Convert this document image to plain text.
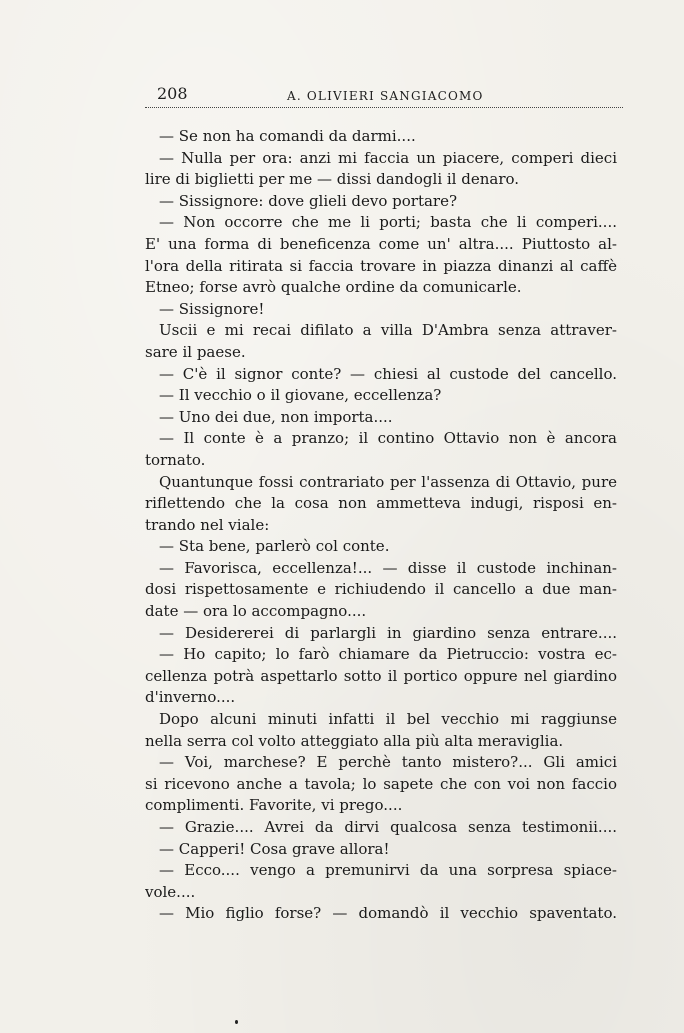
208	A. OLIVIERI SANGIACOMO
— Se non ha comandi da darmi....
— Nulla per ora: anzi mi faccia un piacere, comperi dieci
lire di biglietti per me — dissi dandogli il denaro.
— Sissignore: dove glieli devo portare?
— Non occorre che me li porti; basta che li comperi....
E' una forma di beneficenza come un' altra.... Piuttosto al-
l'ora della ritirata si faccia trovare in piazza dinanzi al caffè
Etneo; forse avrò qualche ordine da comunicarle.
— Sissignore!
Uscii e mi recai difilato a villa D'Ambra senza attraver-
sare il paese.
— C'è il signor conte? — chiesi al custode del cancello.
— Il vecchio o il giovane, eccellenza?
— Uno dei due, non importa....
— Il conte è a pranzo; il contino Ottavio non è ancora
tornato.
Quantunque fossi contrariato per l'assenza di Ottavio, pure
riflettendo che la cosa non ammetteva indugi, risposi en-
trando nel viale:
— Sta bene, parlerò col conte.
— Favorisca, eccellenza!... — disse il custode inchinan-
dosi rispettosamente e richiudendo il cancello a due man-
date — ora lo accompagno....
— Desidererei di parlargli in giardino senza entrare....
— Ho capito; lo farò chiamare da Pietruccio: vostra ec-
cellenza potrà aspettarlo sotto il portico oppure nel giardino
d'inverno....
Dopo alcuni minuti infatti il bel vecchio mi raggiunse
nella serra col volto atteggiato alla più alta meraviglia.
— Voi, marchese? E perchè tanto mistero?... Gli amici
si ricevono anche a tavola; lo sapete che con voi non faccio
complimenti. Favorite, vi prego....
— Grazie.... Avrei da dirvi qualcosa senza testimonii....
— Capperi! Cosa grave allora!
— Ecco.... vengo a premunirvi da una sorpresa spiace-
vole....
— Mio figlio forse? — domandò il vecchio spaventato.
